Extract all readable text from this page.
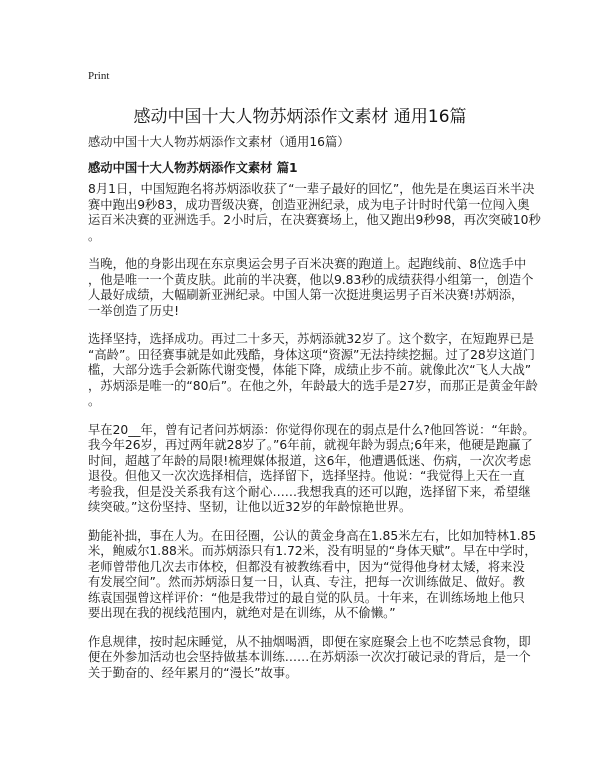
Print
感动中国十大人物苏炳添作文素材 通用16篇
感动中国十大人物苏炳添作文素材（通用16篇）
感动中国十大人物苏炳添作文素材 篇1

8月1日，中国短跑名将苏炳添收获了“一辈子最好的回忆”，他先是在奥运百米半决
赛中跑出9秒83，成功晋级决赛，创造亚洲纪录，成为电子计时时代第一位闯入奥
运百米决赛的亚洲选手。2小时后，在决赛赛场上，他又跑出9秒98，再次突破10秒
。

当晚，他的身影出现在东京奥运会男子百米决赛的跑道上。起跑线前、8位选手中
，他是唯一一个黄皮肤。此前的半决赛，他以9.83秒的成绩获得小组第一，创造个
人最好成绩，大幅刷新亚洲纪录。中国人第一次挺进奥运男子百米决赛!苏炳添，
一举创造了历史!

选择坚持，选择成功。再过二十多天，苏炳添就32岁了。这个数字，在短跑界已是
“高龄”。田径赛事就是如此残酷，身体这项“资源”无法持续挖掘。过了28岁这道门
槛，大部分选手会新陈代谢变慢，体能下降，成绩止步不前。就像此次“飞人大战”
，苏炳添是唯一的“80后”。在他之外，年龄最大的选手是27岁，而那正是黄金年龄
。

早在20__年，曾有记者问苏炳添：你觉得你现在的弱点是什么?他回答说：“年龄。
我今年26岁，再过两年就28岁了。”6年前，就视年龄为弱点;6年来，他硬是跑赢了
时间，超越了年龄的局限!梳理媒体报道，这6年，他遭遇低迷、伤病，一次次考虑
退役。但他又一次次选择相信，选择留下，选择坚持。他说：“我觉得上天在一直
考验我，但是没关系我有这个耐心……我想我真的还可以跑，选择留下来，希望继
续突破。”这份坚持、坚韧，让他以近32岁的年龄惊艳世界。

勤能补拙，事在人为。在田径圈，公认的黄金身高在1.85米左右，比如加特林1.85
米，鲍威尔1.88米。而苏炳添只有1.72米，没有明显的“身体天赋”。早在中学时，
老师曾带他几次去市体校，但都没有被教练看中，因为“觉得他身材太矮，将来没
有发展空间”。然而苏炳添日复一日，认真、专注，把每一次训练做足、做好。教
练袁国强曾这样评价：“他是我带过的最自觉的队员。十年来，在训练场地上他只
要出现在我的视线范围内，就绝对是在训练，从不偷懒。”

作息规律，按时起床睡觉，从不抽烟喝酒，即便在家庭聚会上也不吃禁忌食物，即
便在外参加活动也会坚持做基本训练……在苏炳添一次次打破记录的背后，是一个
关于勤奋的、经年累月的“漫长”故事。
